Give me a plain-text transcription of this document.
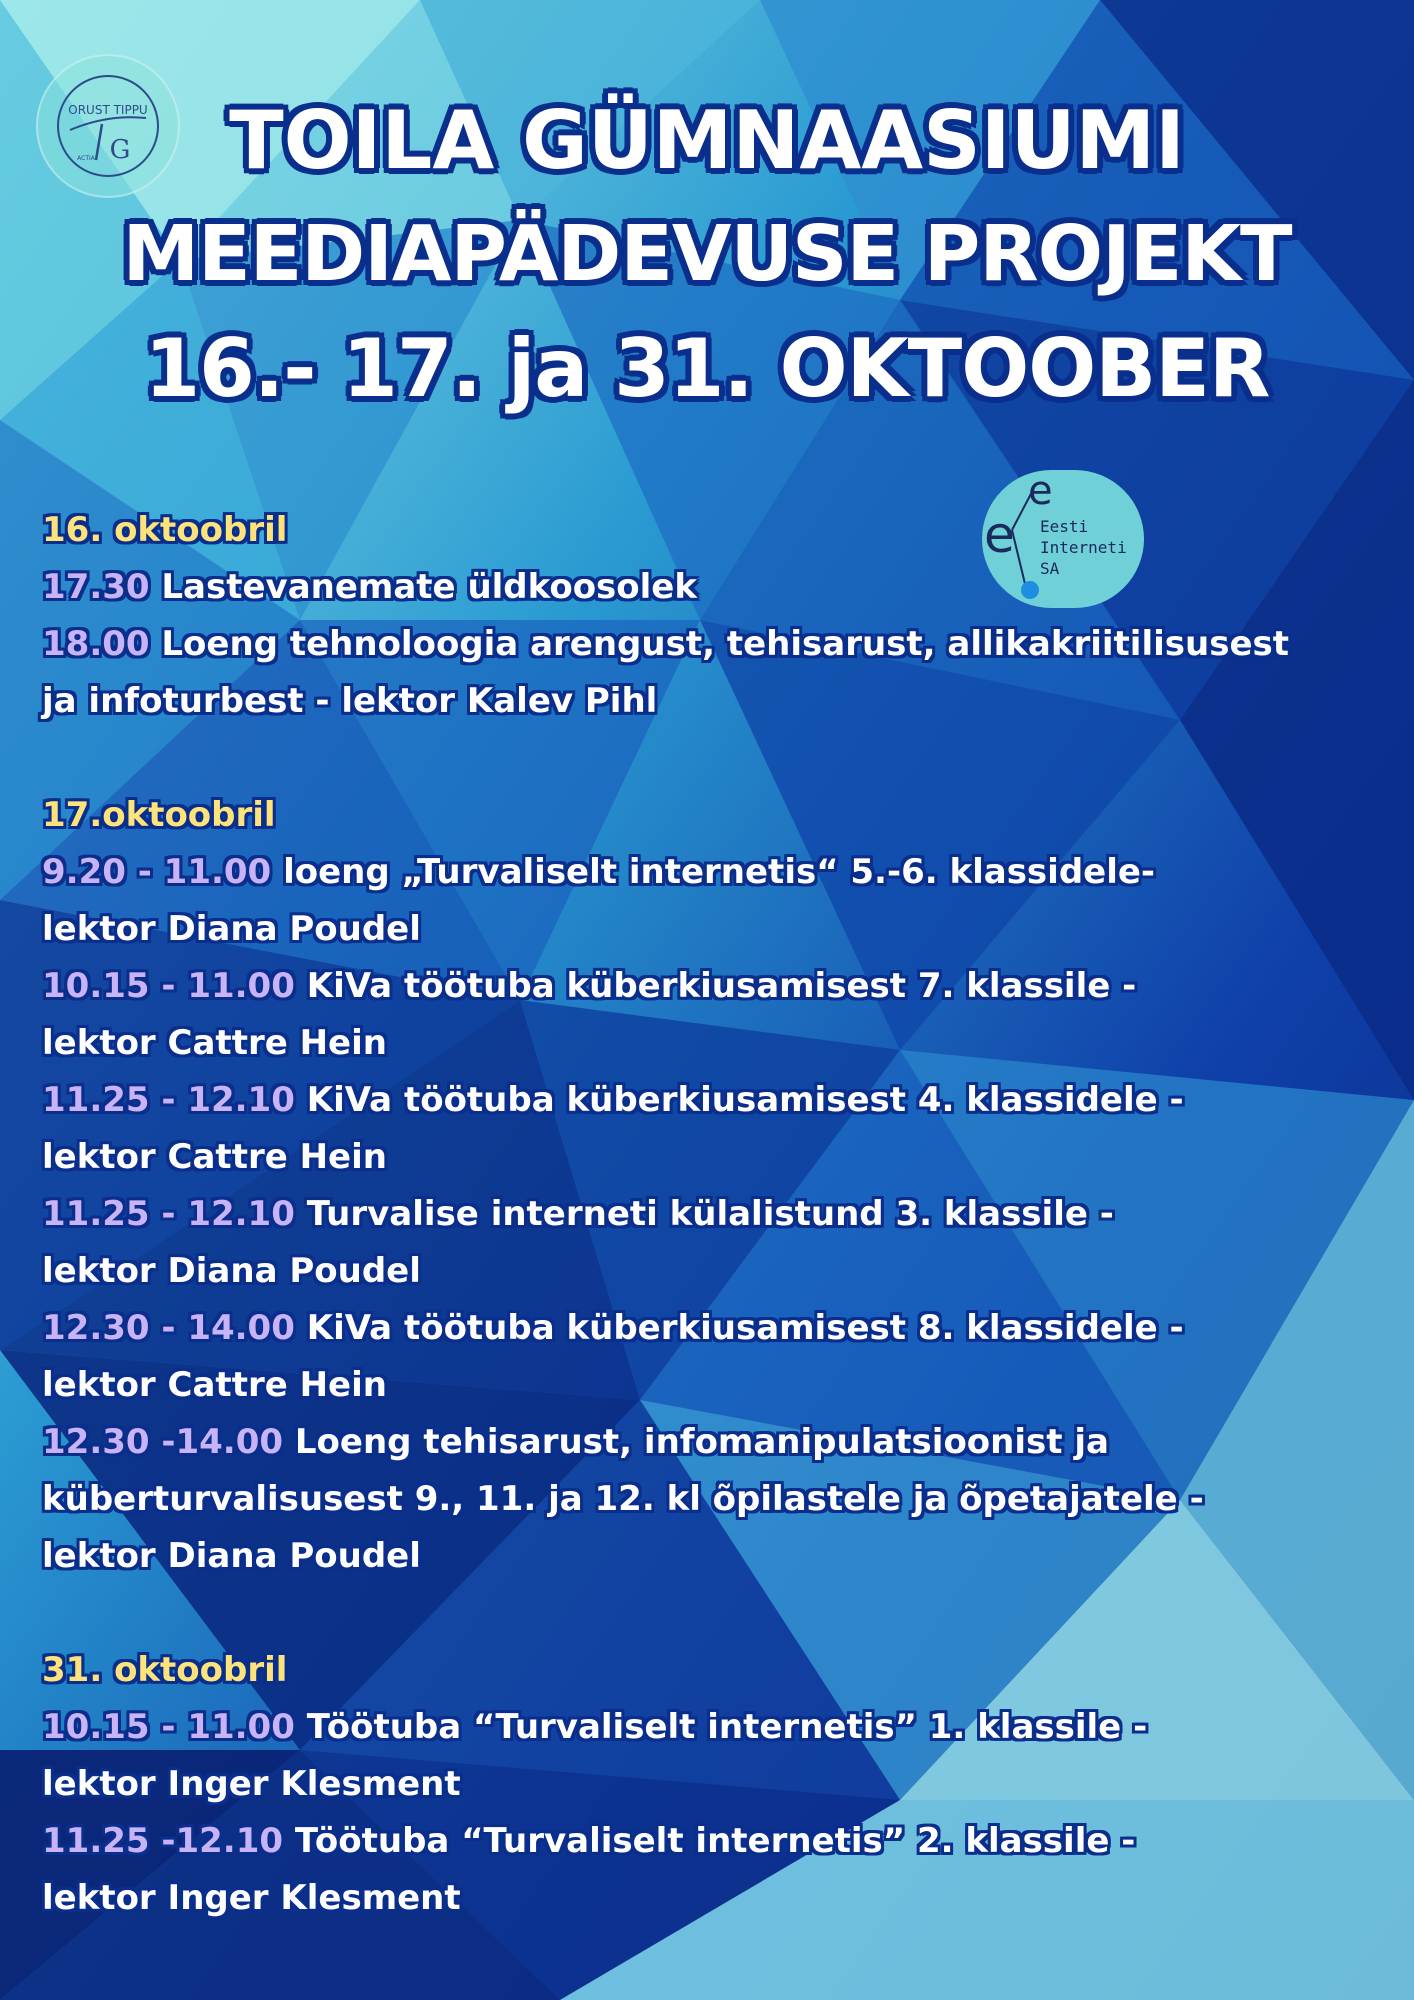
ORUST TIPPU
G
ACTIA
e
e
Eesti
Interneti
SA
TOILA GÜMNAASIUMI
MEEDIAPÄDEVUSE PROJEKT
16.- 17. ja 31. OKTOOBER
16. oktoobril
17.30 Lastevanemate üldkoosolek
18.00 Loeng tehnoloogia arengust, tehisarust, allikakriitilisusest
ja infoturbest - lektor Kalev Pihl
17.oktoobril
9.20 - 11.00 loeng „Turvaliselt internetis“ 5.-6. klassidele-
lektor Diana Poudel
10.15 - 11.00 KiVa töötuba küberkiusamisest 7. klassile -
lektor Cattre Hein
11.25 - 12.10 KiVa töötuba küberkiusamisest 4. klassidele -
lektor Cattre Hein
11.25 - 12.10 Turvalise interneti külalistund 3. klassile -
lektor Diana Poudel
12.30 - 14.00 KiVa töötuba küberkiusamisest 8. klassidele -
lektor Cattre Hein
12.30 -14.00 Loeng tehisarust, infomanipulatsioonist ja
küberturvalisusest 9., 11. ja 12. kl õpilastele ja õpetajatele -
lektor Diana Poudel
31. oktoobril
10.15 - 11.00 Töötuba “Turvaliselt internetis” 1. klassile -
lektor Inger Klesment
11.25 -12.10 Töötuba “Turvaliselt internetis” 2. klassile -
lektor Inger Klesment
